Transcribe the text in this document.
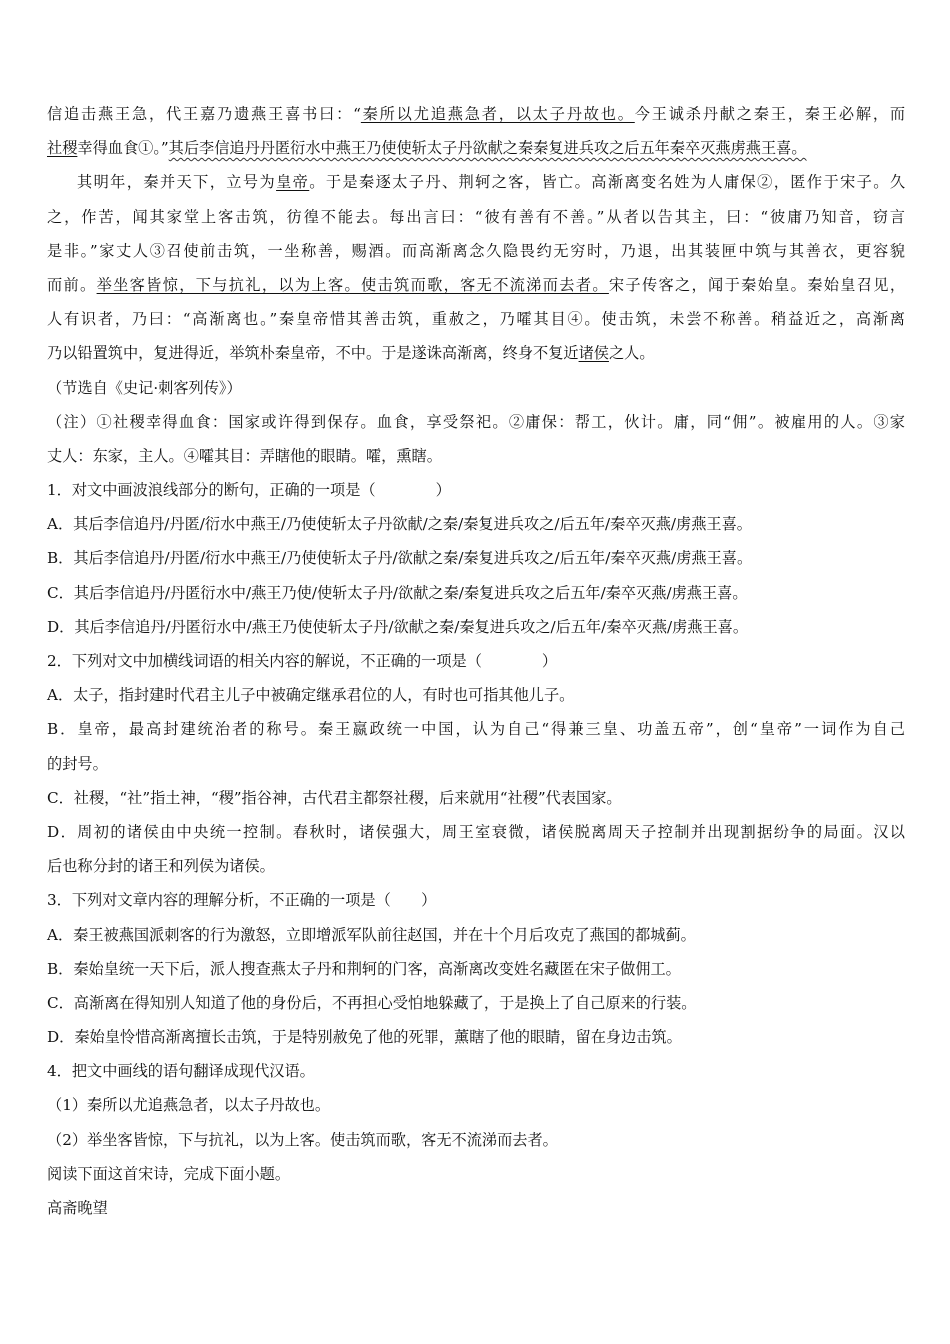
信追击燕王急，代王嘉乃遗燕王喜书曰：“秦所以尤追燕急者，以太子丹故也。今王诚杀丹献之秦王，秦王必解，而
社稷幸得血食①。”其后李信追丹丹匿衍水中燕王乃使使斩太子丹欲献之秦秦复进兵攻之后五年秦卒灭燕虏燕王喜。
其明年，秦并天下，立号为皇帝。于是秦逐太子丹、荆轲之客，皆亡。高渐离变名姓为人庸保②，匿作于宋子。久
之，作苦，闻其家堂上客击筑，彷徨不能去。每出言曰：“彼有善有不善。”从者以告其主，曰：“彼庸乃知音，窃言
是非。”家丈人③召使前击筑，一坐称善，赐酒。而高渐离念久隐畏约无穷时，乃退，出其装匣中筑与其善衣，更容貌
而前。举坐客皆惊，下与抗礼，以为上客。使击筑而歌，客无不流涕而去者。宋子传客之，闻于秦始皇。秦始皇召见，
人有识者，乃曰：“高渐离也。”秦皇帝惜其善击筑，重赦之，乃嚯其目④。使击筑，未尝不称善。稍益近之，高渐离
乃以铅置筑中，复进得近，举筑朴秦皇帝，不中。于是遂诛高渐离，终身不复近诸侯之人。
（节选自《史记·刺客列传》）
（注）①社稷幸得血食：国家或许得到保存。血食，享受祭祀。②庸保：帮工，伙计。庸，同“佣”。被雇用的人。③家
丈人：东家，主人。④嚯其目：弄瞎他的眼睛。嚯，熏瞎。
1．对文中画波浪线部分的断句，正确的一项是（	）
A．其后李信追丹/丹匿/衍水中燕王/乃使使斩太子丹欲献/之秦/秦复进兵攻之/后五年/秦卒灭燕/虏燕王喜。
B．其后李信追丹/丹匿/衍水中燕王/乃使使斩太子丹/欲献之秦/秦复进兵攻之/后五年/秦卒灭燕/虏燕王喜。
C．其后李信追丹/丹匿衍水中/燕王乃使/使斩太子丹/欲献之秦/秦复进兵攻之后五年/秦卒灭燕/虏燕王喜。
D．其后李信追丹/丹匿衍水中/燕王乃使使斩太子丹/欲献之秦/秦复进兵攻之/后五年/秦卒灭燕/虏燕王喜。
2．下列对文中加横线词语的相关内容的解说，不正确的一项是（	）
A．太子，指封建时代君主儿子中被确定继承君位的人，有时也可指其他儿子。
B．皇帝，最高封建统治者的称号。秦王嬴政统一中国，认为自己“得兼三皇、功盖五帝”，创“皇帝”一词作为自己
的封号。
C．社稷，“社”指土神，“稷”指谷神，古代君主都祭社稷，后来就用“社稷”代表国家。
D．周初的诸侯由中央统一控制。春秋时，诸侯强大，周王室衰微，诸侯脱离周天子控制并出现割据纷争的局面。汉以
后也称分封的诸王和列侯为诸侯。
3．下列对文章内容的理解分析，不正确的一项是（　　）
A．秦王被燕国派刺客的行为激怒，立即增派军队前往赵国，并在十个月后攻克了燕国的都城蓟。
B．秦始皇统一天下后，派人搜查燕太子丹和荆轲的门客，高渐离改变姓名藏匿在宋子做佣工。
C．高渐离在得知别人知道了他的身份后，不再担心受怕地躲藏了，于是换上了自己原来的行装。
D．秦始皇怜惜高渐离擅长击筑，于是特别赦免了他的死罪，薰瞎了他的眼睛，留在身边击筑。
4．把文中画线的语句翻译成现代汉语。
（1）秦所以尤追燕急者，以太子丹故也。
（2）举坐客皆惊，下与抗礼，以为上客。使击筑而歌，客无不流涕而去者。
阅读下面这首宋诗，完成下面小题。
高斋晚望
